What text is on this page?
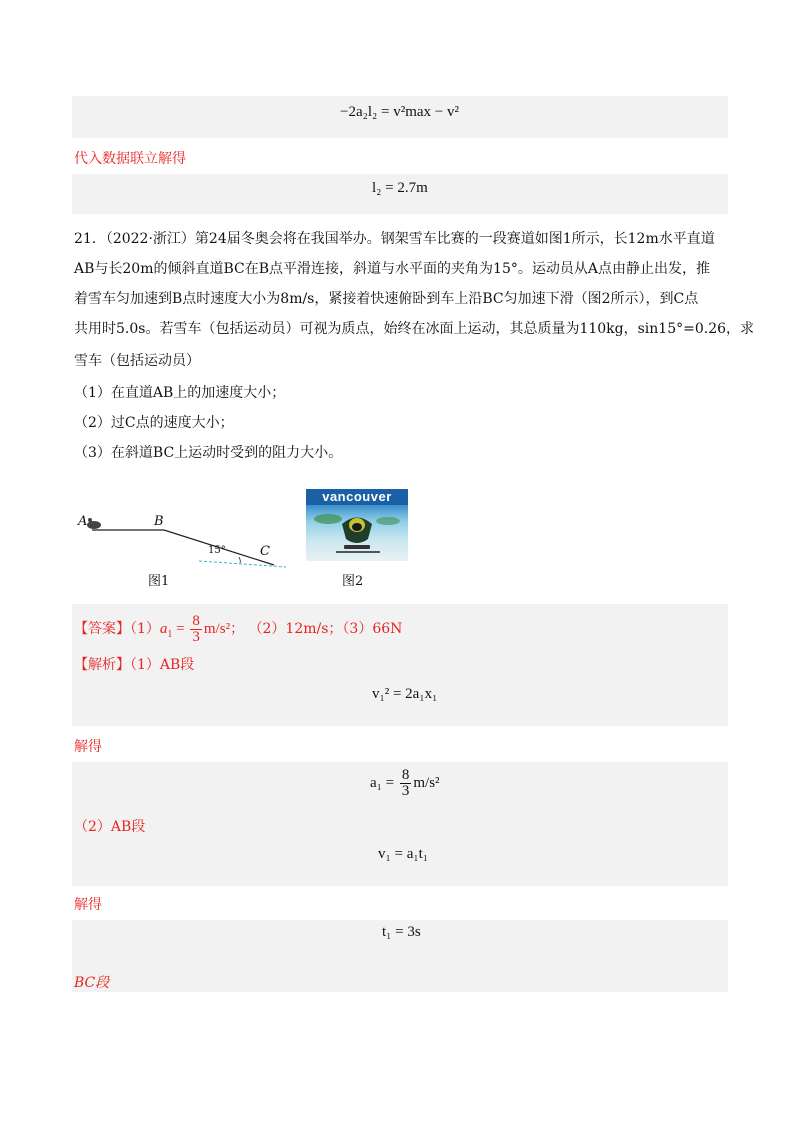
−2a₂l₂ = v²max − v²
代入数据联立解得
l₂ = 2.7m
21．（2022·浙江）第24届冬奥会将在我国举办。钢架雪车比赛的一段赛道如图1所示，长12m水平直道
AB与长20m的倾斜直道BC在B点平滑连接，斜道与水平面的夹角为15°。运动员从A点由静止出发，推
着雪车匀加速到B点时速度大小为8m/s，紧接着快速俯卧到车上沿BC匀加速下滑（图2所示），到C点
共用时5.0s。若雪车（包括运动员）可视为质点，始终在冰面上运动，其总质量为110kg，sin15°=0.26，求
雪车（包括运动员）
（1）在直道AB上的加速度大小；
（2）过C点的速度大小；
（3）在斜道BC上运动时受到的阻力大小。
A	B
C
15°
图1
vancouver
图2
【答案】$(1)a_1 = \frac{8}{3} m/s^2$； （2）12m/s；（3）66N
【解析】（1）AB段
v₁² = 2a₁x₁
解得
$a_1 = \frac{8}{3} m/s^2$
（2）AB段
v₁ = a₁t₁
解得
t₁ = 3s
BC段
